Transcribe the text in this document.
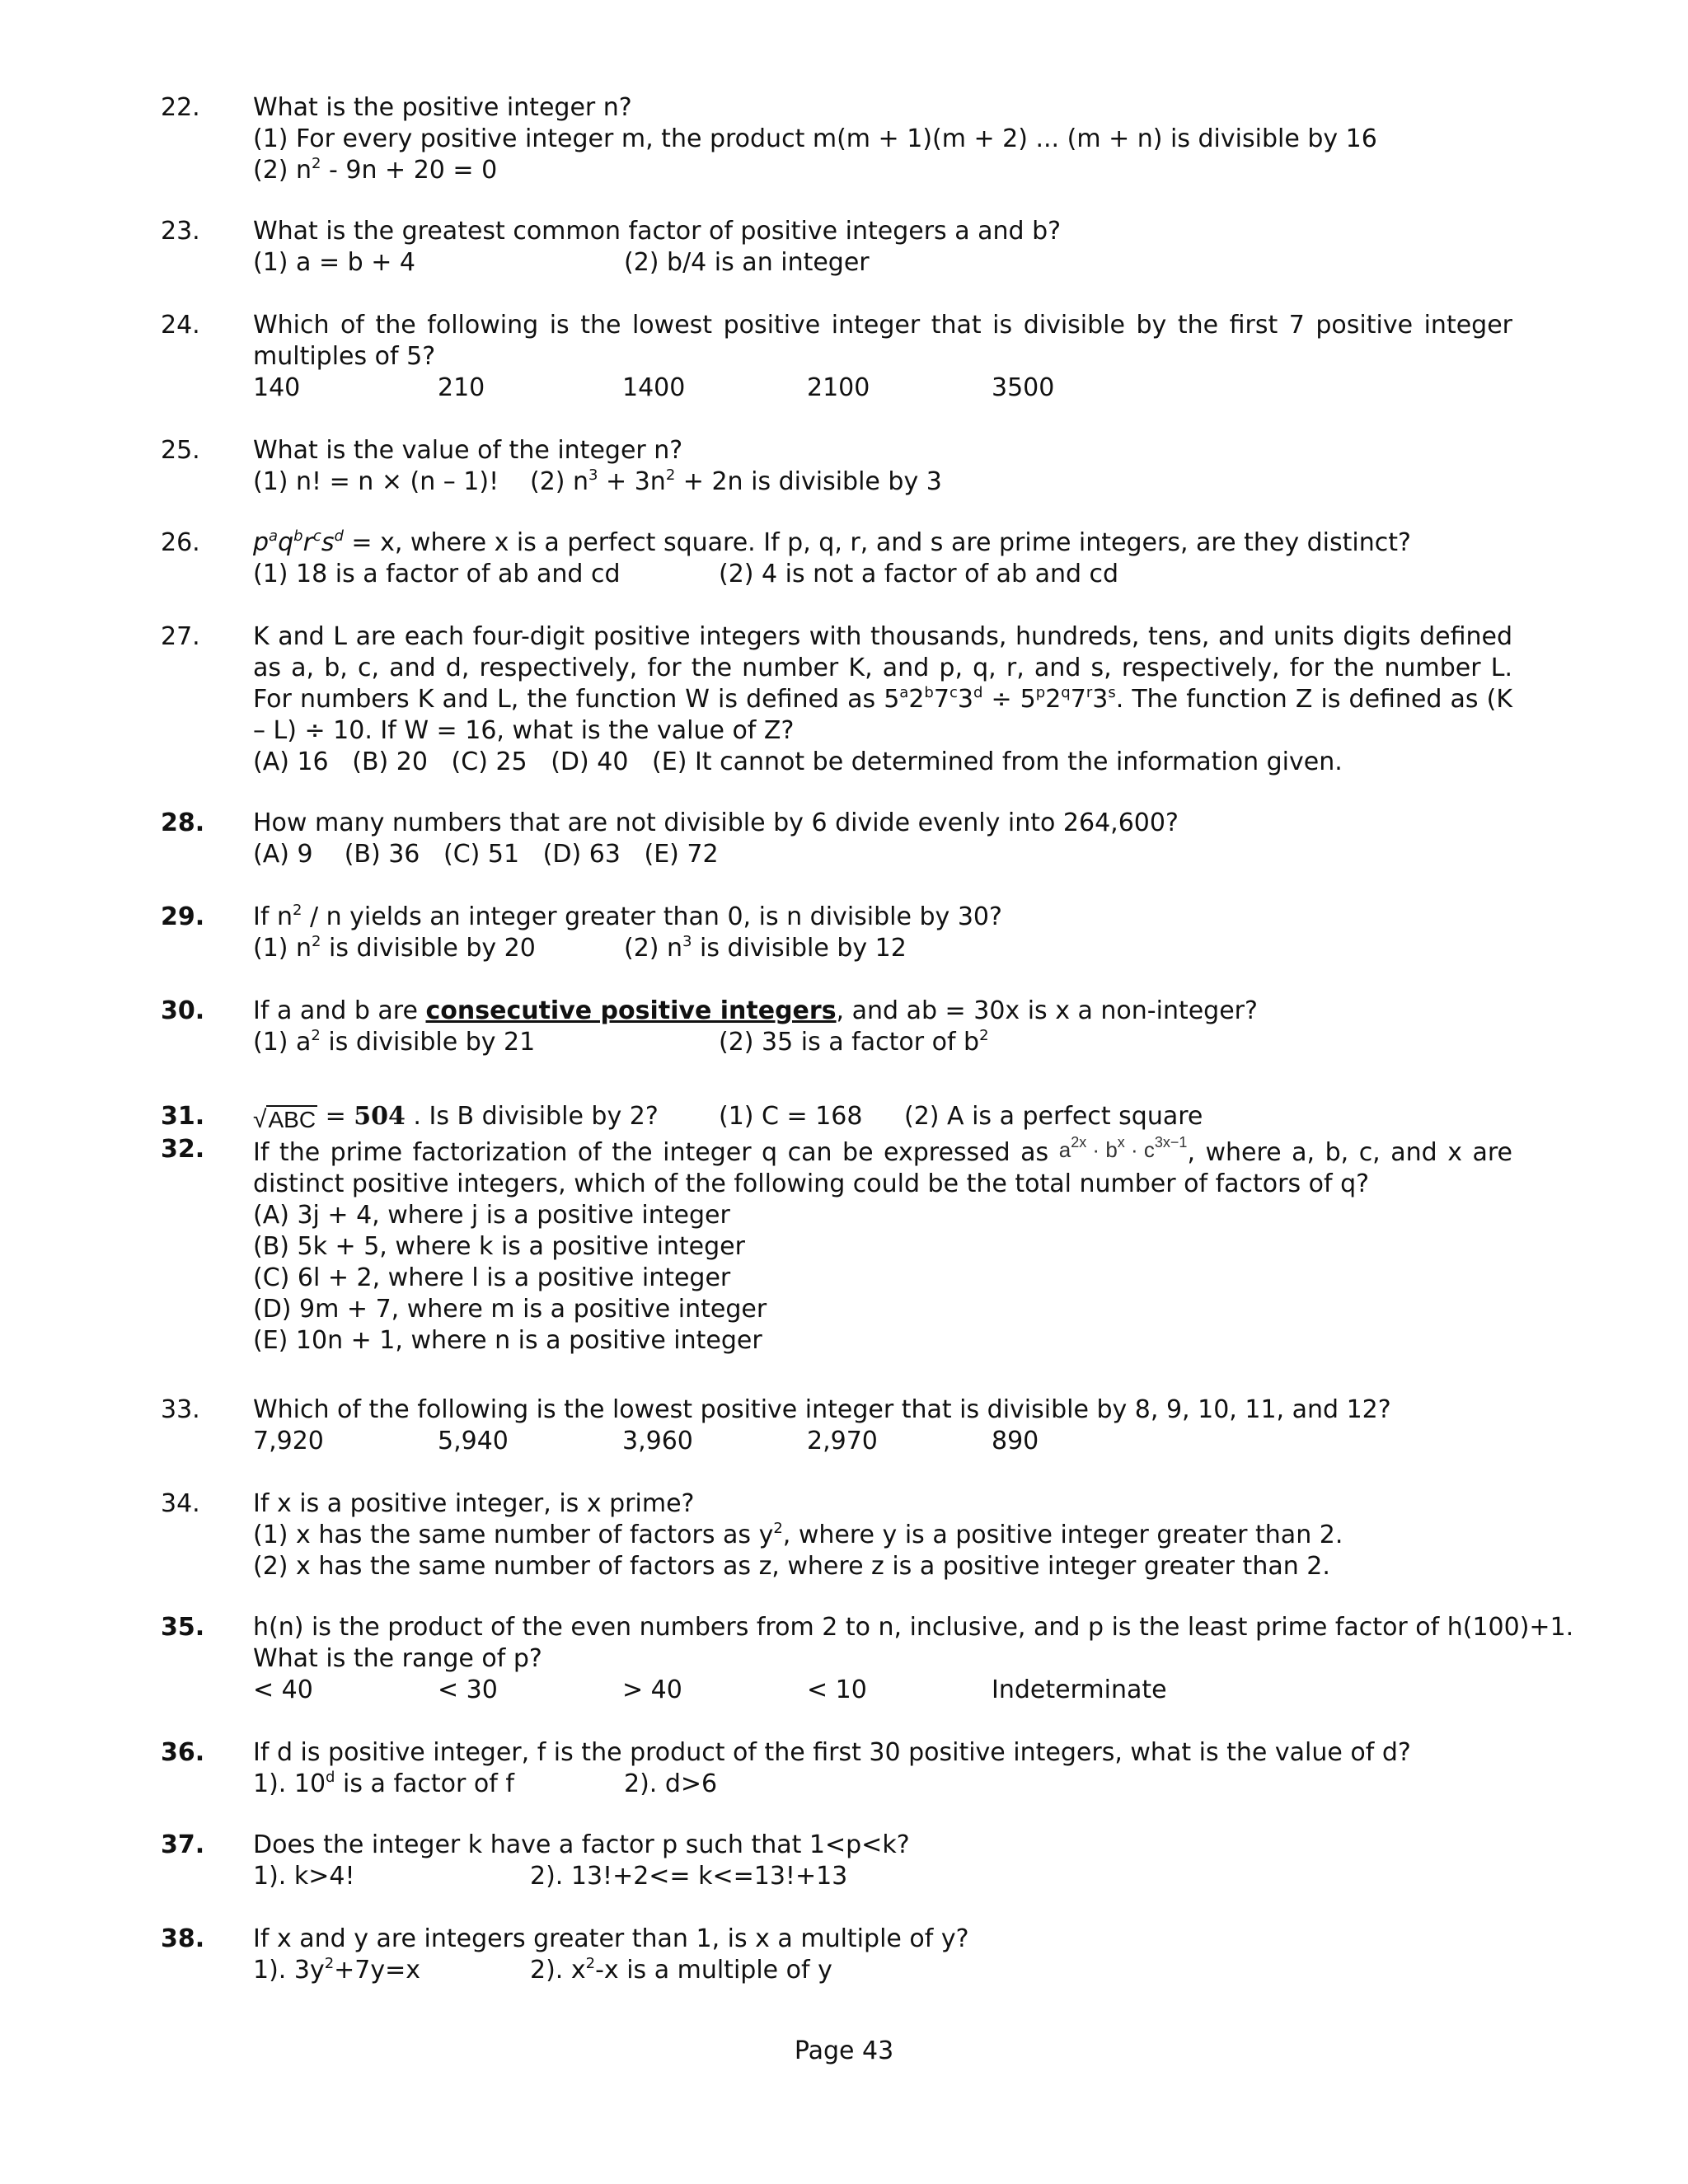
22.	What is the positive integer n?
(1) For every positive integer m, the product m(m + 1)(m + 2) ... (m + n) is divisible by 16
(2) $n^2 - 9n + 20 = 0$
23.	What is the greatest common factor of positive integers a and b?
(1) a = b + 4	(2) b/4 is an integer
24.	Which of the following is the lowest positive integer that is divisible by the first 7 positive integer multiples of 5?
140	210	1400	2100	3500
25.	What is the value of the integer n?
(1) n! = n × (n – 1)! (2) $n^3 + 3n^2 + 2n$ is divisible by 3
26.	$p^aq^br^cs^d = x$, where x is a perfect square. If p, q, r, and s are prime integers, are they distinct?
(1) 18 is a factor of ab and cd	(2) 4 is not a factor of ab and cd
27.	K and L are each four-digit positive integers with thousands, hundreds, tens, and units digits defined as a, b, c, and d, respectively, for the number K, and p, q, r, and s, respectively, for the number L. For numbers K and L, the function W is defined as $5^a2^b7^c3^d \div 5^p2^q7^r3^s$. The function Z is defined as (K – L) ÷ 10. If W = 16, what is the value of Z?
(A) 16   (B) 20   (C) 25   (D) 40   (E) It cannot be determined from the information given.
28.	How many numbers that are not divisible by 6 divide evenly into 264,600?
(A) 9    (B) 36   (C) 51   (D) 63   (E) 72
29.	If $n^2$ / n yields an integer greater than 0, is n divisible by 30?
(1) $n^2$ is divisible by 20	(2) $n^3$ is divisible by 12
30.	If a and b are consecutive positive integers, and ab = 30x is x a non-integer?
(1) $a^2$ is divisible by 21	(2) 35 is a factor of $b^2$
31.	√ABC = 504 . Is B divisible by 2? (1) C = 168 (2) A is a perfect square
32.	If the prime factorization of the integer q can be expressed as $a^{2x} \cdot b^x \cdot c^{3x-1}$, where a, b, c, and x are distinct positive integers, which of the following could be the total number of factors of q?
(A) 3j + 4, where j is a positive integer
(B) 5k + 5, where k is a positive integer
(C) 6l + 2, where l is a positive integer
(D) 9m + 7, where m is a positive integer
(E) 10n + 1, where n is a positive integer
33.	Which of the following is the lowest positive integer that is divisible by 8, 9, 10, 11, and 12?
7,920	5,940	3,960	2,970	890
34.	If x is a positive integer, is x prime?
(1) x has the same number of factors as $y^2$, where y is a positive integer greater than 2.
(2) x has the same number of factors as z, where z is a positive integer greater than 2.
35.	h(n) is the product of the even numbers from 2 to n, inclusive, and p is the least prime factor of h(100)+1.
What is the range of p?
< 40	< 30	> 40	< 10	Indeterminate
36.	If d is positive integer, f is the product of the first 30 positive integers, what is the value of d?
1). 10$^d$ is a factor of f	2). d>6
37.	Does the integer k have a factor p such that 1<p<k?
1). k>4!	2). 13!+2<= k<=13!+13
38.	If x and y are integers greater than 1, is x a multiple of y?
1). $3y^2+7y=x$	2). $x^2-x$ is a multiple of y
Page 43
